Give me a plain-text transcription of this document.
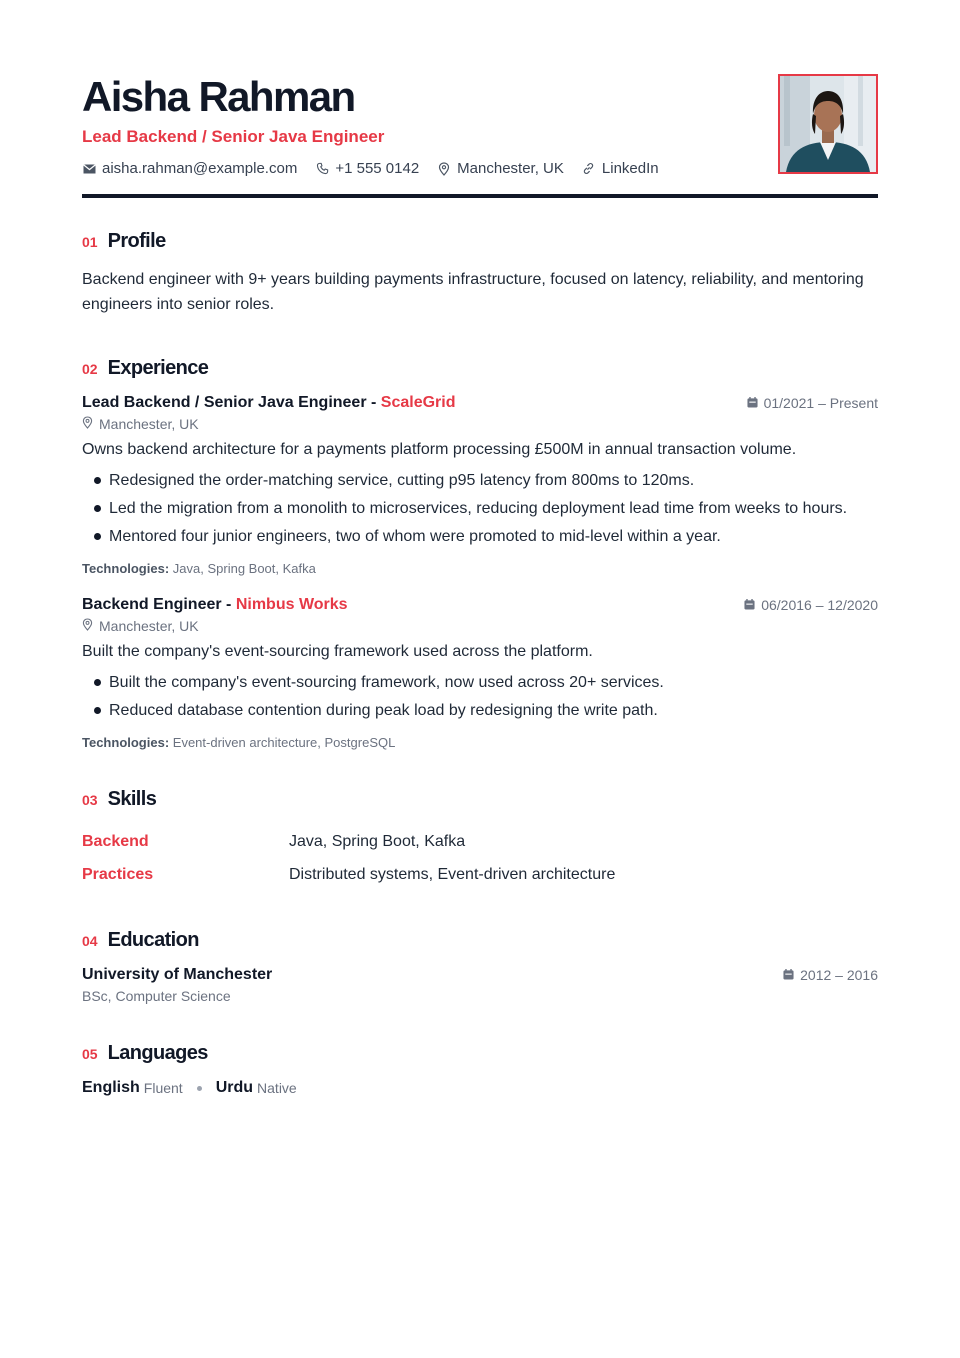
Aisha Rahman
Lead Backend / Senior Java Engineer
aisha.rahman@example.com	+1 555 0142	Manchester, UK	LinkedIn
01 Profile
Backend engineer with 9+ years building payments infrastructure, focused on latency, reliability, and mentoring engineers into senior roles.
02 Experience
Lead Backend / Senior Java Engineer - ScaleGrid	01/2021 – Present
Manchester, UK
Owns backend architecture for a payments platform processing £500M in annual transaction volume.
Redesigned the order-matching service, cutting p95 latency from 800ms to 120ms.
Led the migration from a monolith to microservices, reducing deployment lead time from weeks to hours.
Mentored four junior engineers, two of whom were promoted to mid-level within a year.
Technologies: Java, Spring Boot, Kafka
Backend Engineer - Nimbus Works	06/2016 – 12/2020
Manchester, UK
Built the company's event-sourcing framework used across the platform.
Built the company's event-sourcing framework, now used across 20+ services.
Reduced database contention during peak load by redesigning the write path.
Technologies: Event-driven architecture, PostgreSQL
03 Skills
Backend	Java, Spring Boot, Kafka
Practices	Distributed systems, Event-driven architecture
04 Education
University of Manchester	2012 – 2016
BSc, Computer Science
05 Languages
English Fluent Urdu Native
